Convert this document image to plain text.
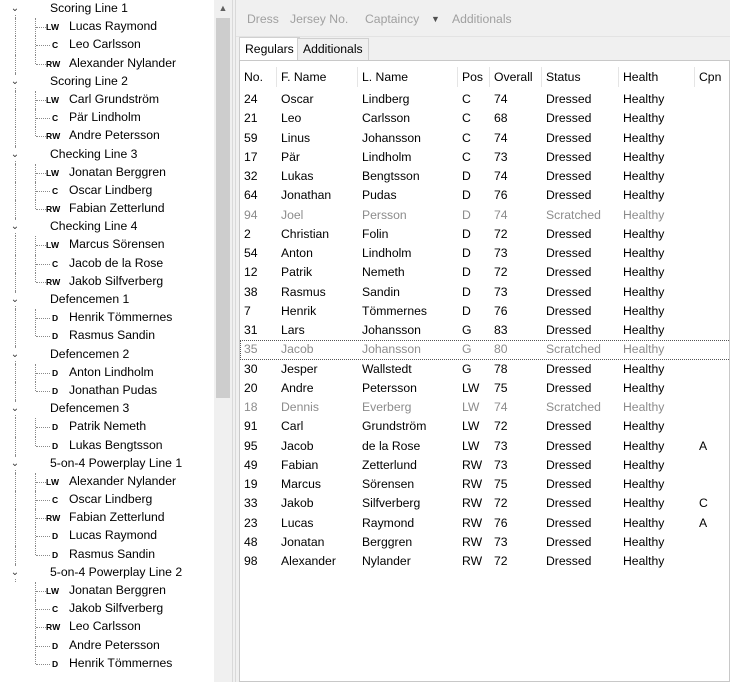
⌄	Scoring Line 1
LW Lucas Raymond
C Leo Carlsson
RW Alexander Nylander
⌄	Scoring Line 2
LW Carl Grundström
C Pär Lindholm
RW Andre Petersson
⌄	Checking Line 3
LW Jonatan Berggren
C Oscar Lindberg
RW Fabian Zetterlund
⌄	Checking Line 4
LW Marcus Sörensen
C Jacob de la Rose
RW Jakob Silfverberg
⌄	Defencemen 1
D Henrik Tömmernes
D Rasmus Sandin
⌄	Defencemen 2
D Anton Lindholm
D Jonathan Pudas
⌄	Defencemen 3
D Patrik Nemeth
D Lukas Bengtsson
⌄	5-on-4 Powerplay Line 1
LW Alexander Nylander
C Oscar Lindberg
RW Fabian Zetterlund
D Lucas Raymond
D Rasmus Sandin
⌄	5-on-4 Powerplay Line 2
LW Jonatan Berggren
C Jakob Silfverberg
RW Leo Carlsson
D Andre Petersson
D Henrik Tömmernes
▲
Dress Jersey No. Captaincy ▼ Additionals
Regulars Additionals
No.	F. Name	L. Name	Pos Overall	Status	Health	Cpn
24	Oscar	Lindberg	C	74	Dressed	Healthy
21	Leo	Carlsson	C	68	Dressed	Healthy
59	Linus	Johansson	C	74	Dressed	Healthy
17	Pär	Lindholm	C	73	Dressed	Healthy
32	Lukas	Bengtsson	D	74	Dressed	Healthy
64	Jonathan	Pudas	D	76	Dressed	Healthy
94	Joel	Persson	D	74	Scratched	Healthy
2	Christian	Folin	D	72	Dressed	Healthy
54	Anton	Lindholm	D	73	Dressed	Healthy
12	Patrik	Nemeth	D	72	Dressed	Healthy
38	Rasmus	Sandin	D	73	Dressed	Healthy
7	Henrik	Tömmernes	D	76	Dressed	Healthy
31	Lars	Johansson	G	83	Dressed	Healthy
35	Jacob	Johansson	G	80	Scratched	Healthy
30	Jesper	Wallstedt	G	78	Dressed	Healthy
20	Andre	Petersson	LW	75	Dressed	Healthy
18	Dennis	Everberg	LW	74	Scratched	Healthy
91	Carl	Grundström	LW	72	Dressed	Healthy
95	Jacob	de la Rose	LW	73	Dressed	Healthy	A
49	Fabian	Zetterlund	RW 73	Dressed	Healthy
19	Marcus	Sörensen	RW 75	Dressed	Healthy
33	Jakob	Silfverberg	RW 72	Dressed	Healthy	C
23	Lucas	Raymond	RW 76	Dressed	Healthy	A
48	Jonatan	Berggren	RW 73	Dressed	Healthy
98	Alexander	Nylander	RW 72	Dressed	Healthy
